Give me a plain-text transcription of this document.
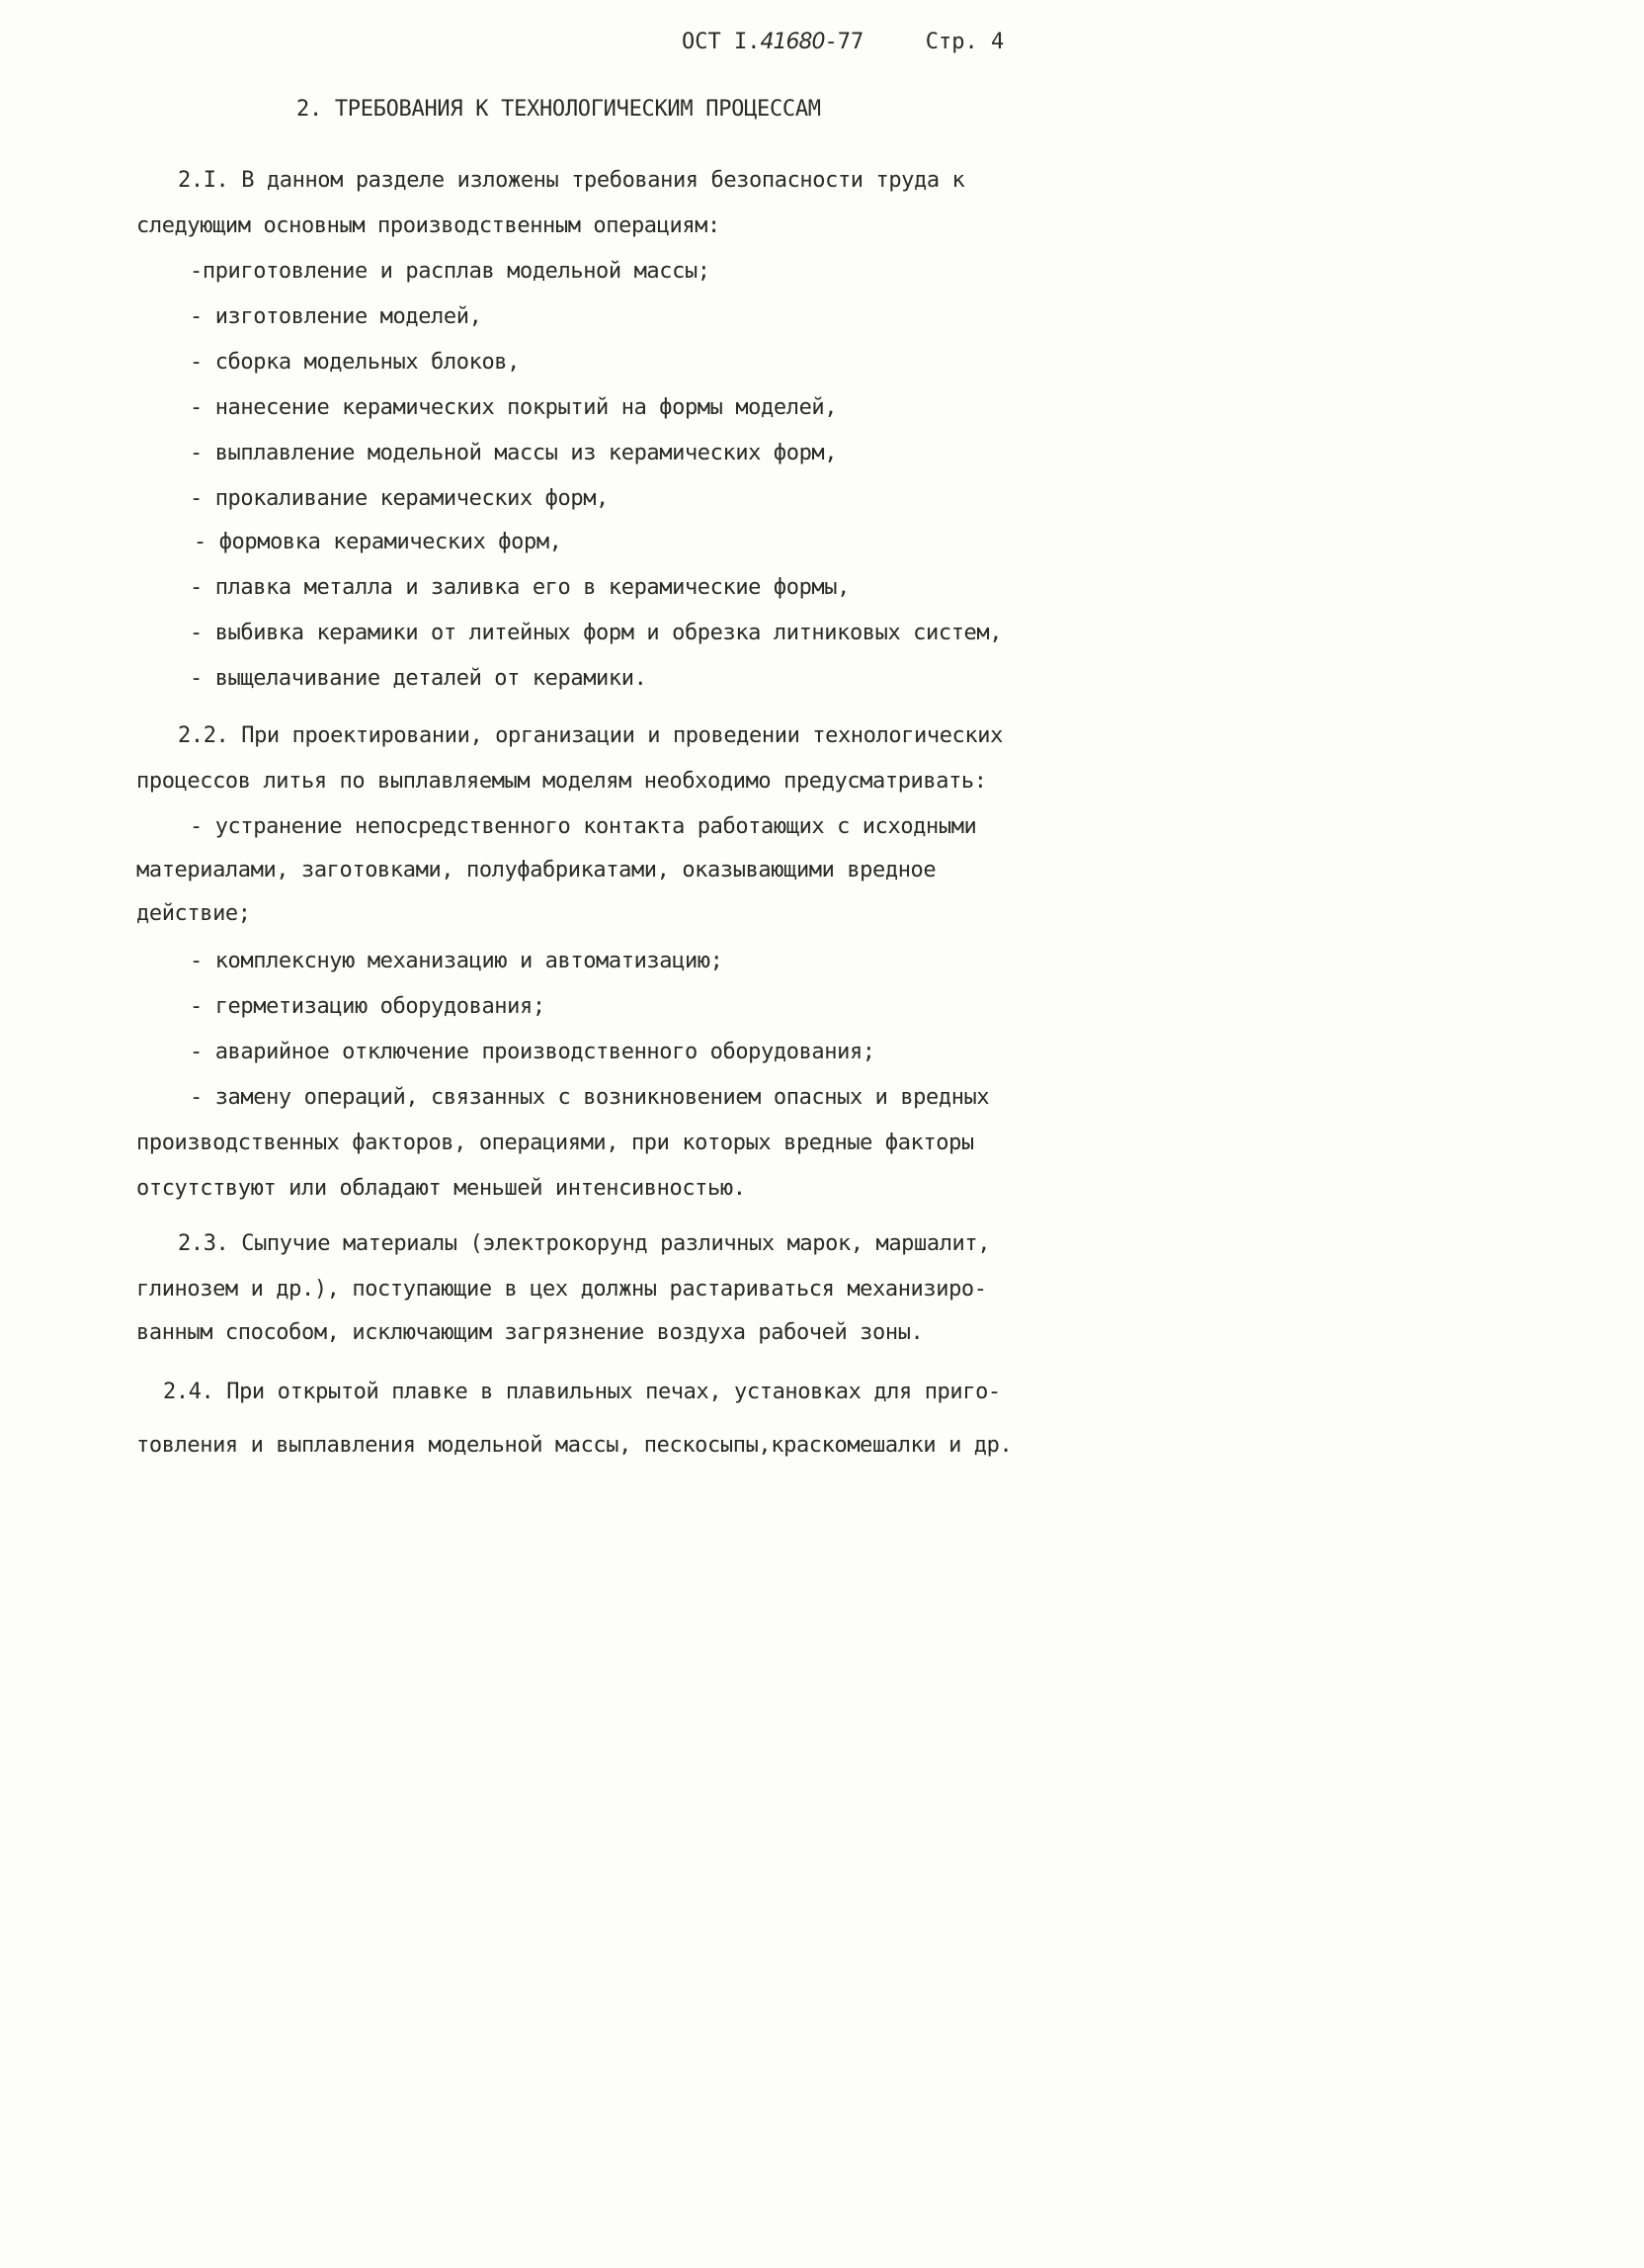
ОСТ I.41680-77	Стр. 4
2. ТРЕБОВАНИЯ К ТЕХНОЛОГИЧЕСКИМ ПРОЦЕССАМ
2.I. В данном разделе изложены требования безопасности труда к
следующим основным производственным операциям:
-приготовление и расплав модельной массы;
- изготовление моделей,
- сборка модельных блоков,
- нанесение керамических покрытий на формы моделей,
- выплавление модельной массы из керамических форм,
- прокаливание керамических форм,
- формовка керамических форм,
- плавка металла и заливка его в керамические формы,
- выбивка керамики от литейных форм и обрезка литниковых систем,
- выщелачивание деталей от керамики.
2.2. При проектировании, организации и проведении технологических
процессов литья по выплавляемым моделям необходимо предусматривать:
- устранение непосредственного контакта работающих с исходными
материалами, заготовками, полуфабрикатами, оказывающими вредное
действие;
- комплексную механизацию и автоматизацию;
- герметизацию оборудования;
- аварийное отключение производственного оборудования;
- замену операций, связанных с возникновением опасных и вредных
производственных факторов, операциями, при которых вредные факторы
отсутствуют или обладают меньшей интенсивностью.
2.3. Сыпучие материалы (электрокорунд различных марок, маршалит,
глинозем и др.), поступающие в цех должны растариваться механизиро-
ванным способом, исключающим загрязнение воздуха рабочей зоны.
2.4. При открытой плавке в плавильных печах, установках для приго-
товления и выплавления модельной массы, пескосыпы,краскомешалки и др.
